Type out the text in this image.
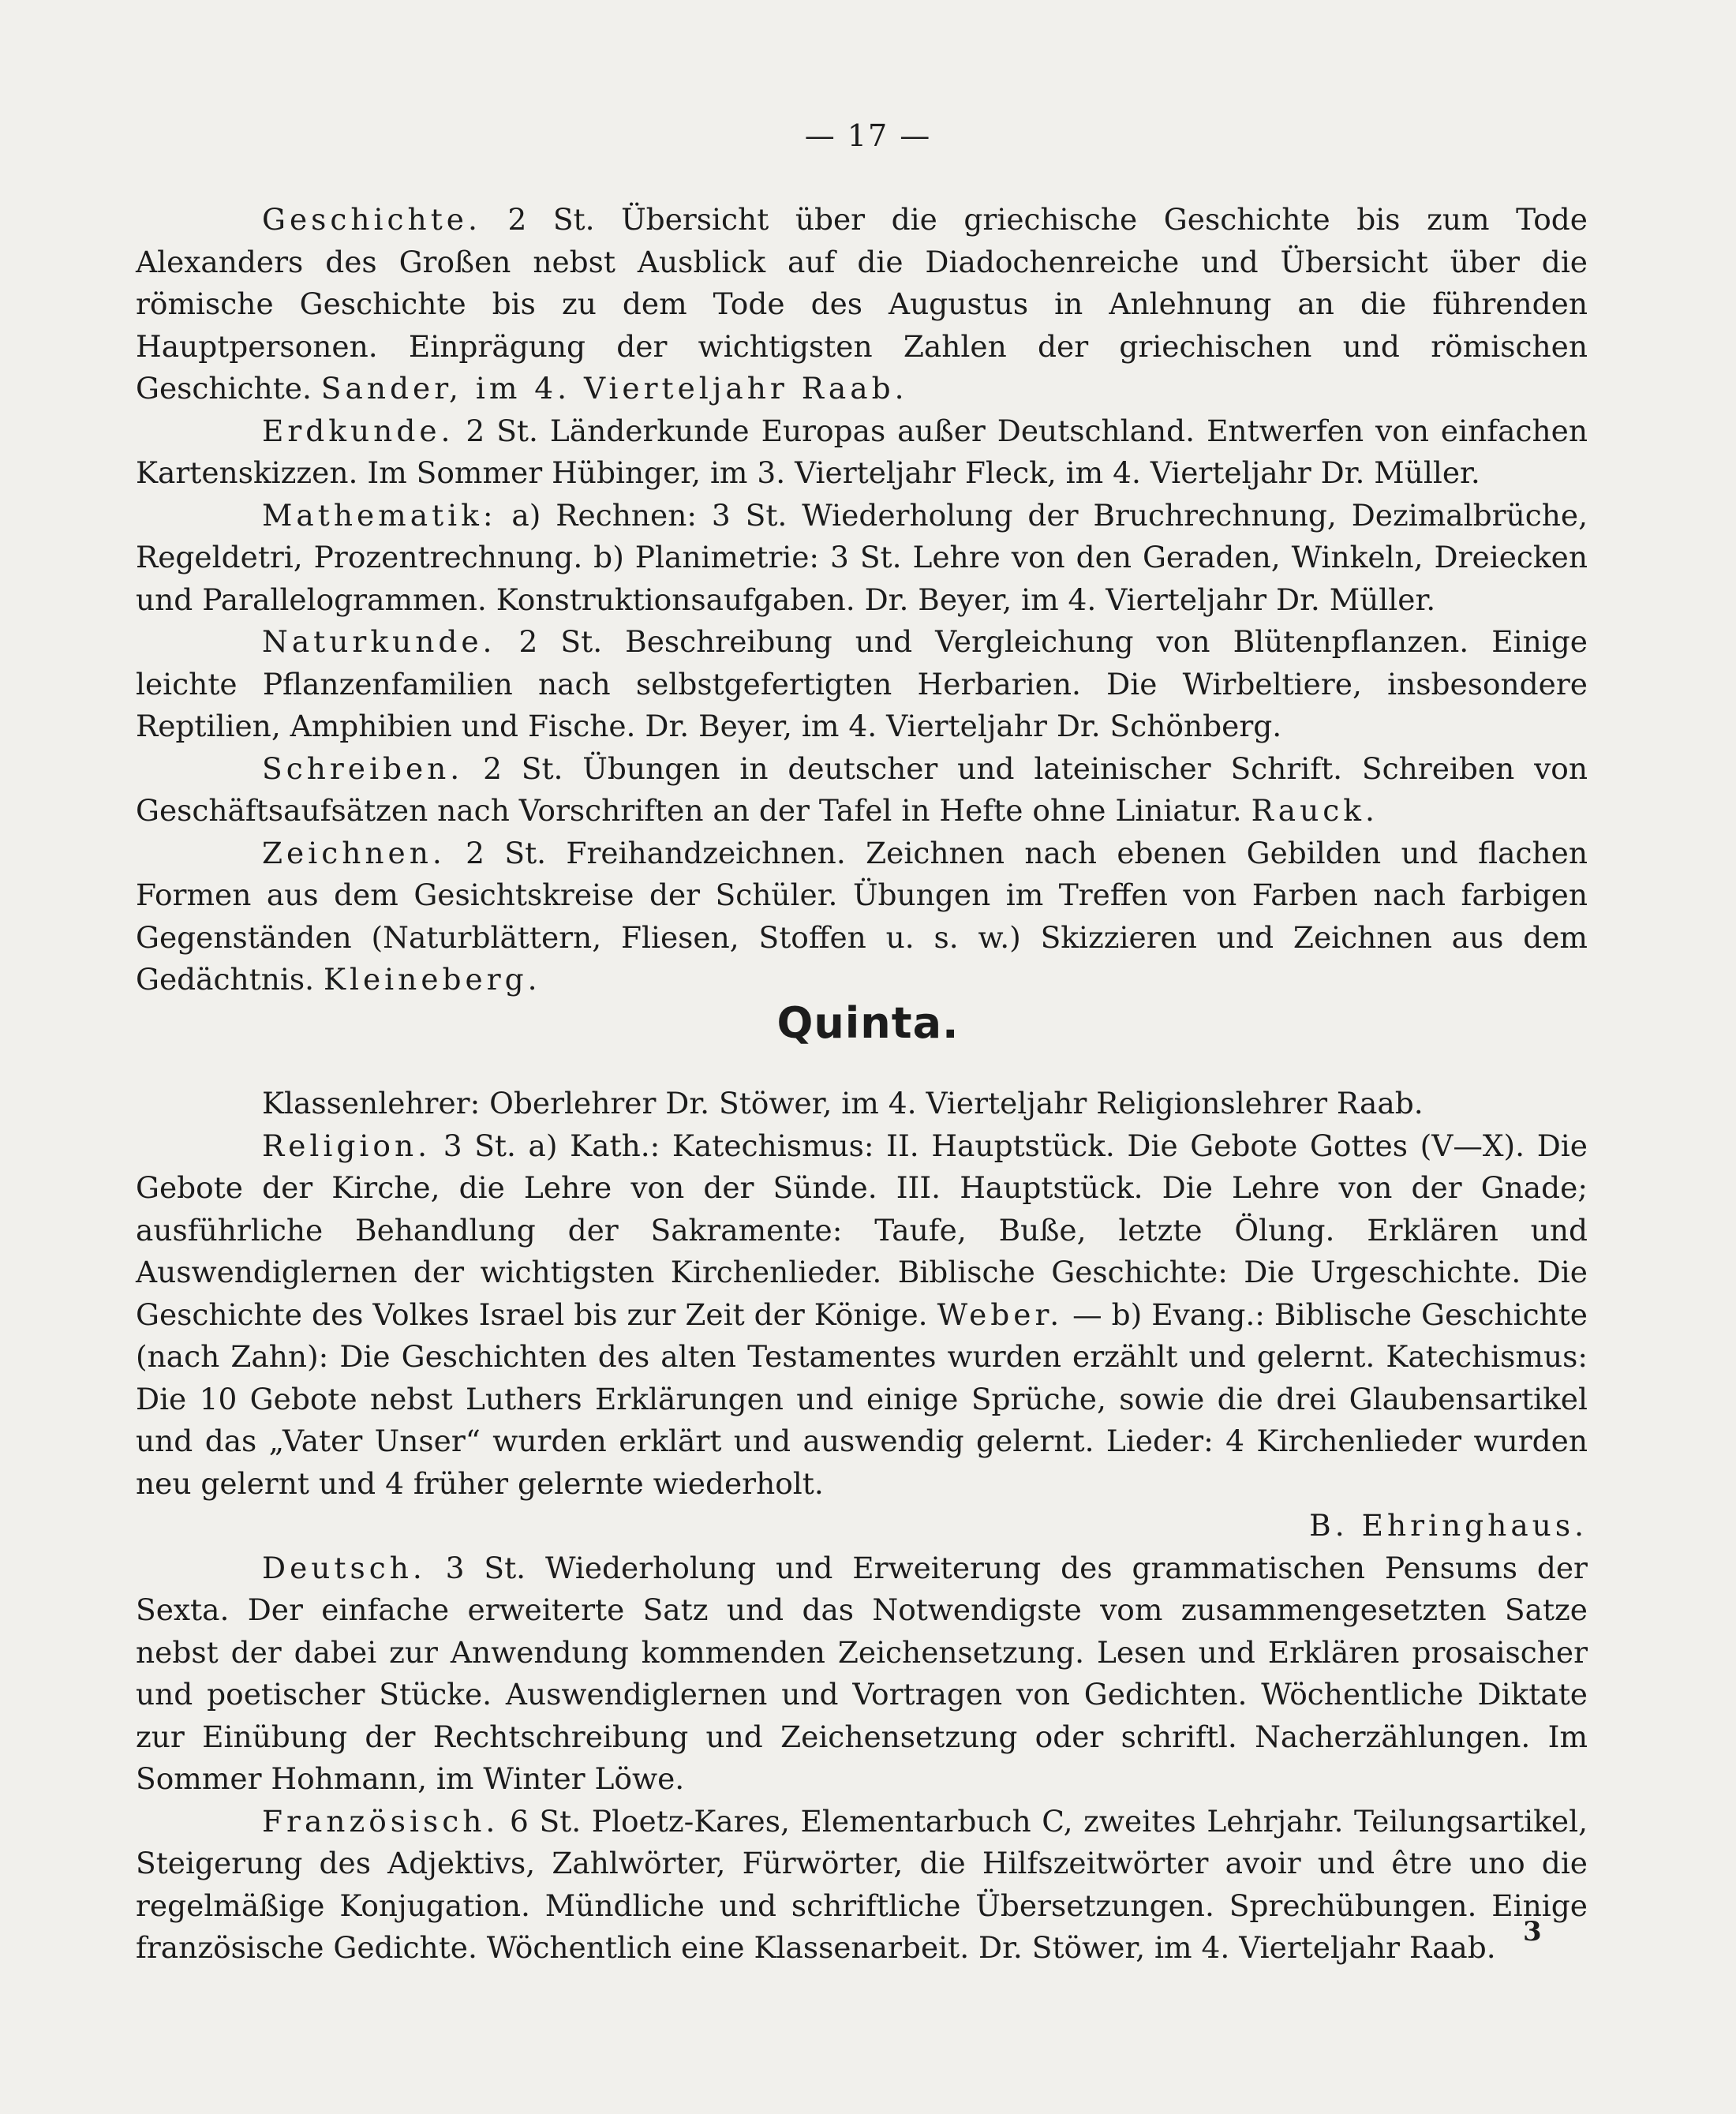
— 17 —

Geschichte. 2 St. Übersicht über die griechische Geschichte bis zum Tode Alexanders des Großen nebst Ausblick auf die Diadochenreiche und Übersicht über die römische Geschichte bis zu dem Tode des Augustus in Anlehnung an die führenden Hauptpersonen. Einprägung der wichtigsten Zahlen der griechischen und römischen Geschichte. Sander, im 4. Vierteljahr Raab.

Erdkunde. 2 St. Länderkunde Europas außer Deutschland. Entwerfen von einfachen Kartenskizzen. Im Sommer Hübinger, im 3. Vierteljahr Fleck, im 4. Vierteljahr Dr. Müller.

Mathematik: a) Rechnen: 3 St. Wiederholung der Bruchrechnung, Dezimalbrüche, Regeldetri, Prozentrechnung. b) Planimetrie: 3 St. Lehre von den Geraden, Winkeln, Dreiecken und Parallelogrammen. Konstruktionsaufgaben. Dr. Beyer, im 4. Vierteljahr Dr. Müller.

Naturkunde. 2 St. Beschreibung und Vergleichung von Blütenpflanzen. Einige leichte Pflanzenfamilien nach selbstgefertigten Herbarien. Die Wirbeltiere, insbesondere Reptilien, Amphibien und Fische. Dr. Beyer, im 4. Vierteljahr Dr. Schönberg.

Schreiben. 2 St. Übungen in deutscher und lateinischer Schrift. Schreiben von Geschäftsaufsätzen nach Vorschriften an der Tafel in Hefte ohne Liniatur. Rauck.

Zeichnen. 2 St. Freihandzeichnen. Zeichnen nach ebenen Gebilden und flachen Formen aus dem Gesichtskreise der Schüler. Übungen im Treffen von Farben nach farbigen Gegenständen (Naturblättern, Fliesen, Stoffen u. s. w.) Skizzieren und Zeichnen aus dem Gedächtnis. Kleineberg.

Quinta.

Klassenlehrer: Oberlehrer Dr. Stöwer, im 4. Vierteljahr Religionslehrer Raab.

Religion. 3 St. a) Kath.: Katechismus: II. Hauptstück. Die Gebote Gottes (V—X). Die Gebote der Kirche, die Lehre von der Sünde. III. Hauptstück. Die Lehre von der Gnade; ausführliche Behandlung der Sakramente: Taufe, Buße, letzte Ölung. Erklären und Auswendiglernen der wichtigsten Kirchenlieder. Biblische Geschichte: Die Urgeschichte. Die Geschichte des Volkes Israel bis zur Zeit der Könige. Weber. — b) Evang.: Biblische Geschichte (nach Zahn): Die Geschichten des alten Testamentes wurden erzählt und gelernt. Katechismus: Die 10 Gebote nebst Luthers Erklärungen und einige Sprüche, sowie die drei Glaubensartikel und das „Vater Unser“ wurden erklärt und auswendig gelernt. Lieder: 4 Kirchenlieder wurden neu gelernt und 4 früher gelernte wiederholt.

B. Ehringhaus.

Deutsch. 3 St. Wiederholung und Erweiterung des grammatischen Pensums der Sexta. Der einfache erweiterte Satz und das Notwendigste vom zusammengesetzten Satze nebst der dabei zur Anwendung kommenden Zeichensetzung. Lesen und Erklären prosaischer und poetischer Stücke. Auswendiglernen und Vortragen von Gedichten. Wöchentliche Diktate zur Einübung der Rechtschreibung und Zeichensetzung oder schriftl. Nacherzählungen. Im Sommer Hohmann, im Winter Löwe.

Französisch. 6 St. Ploetz-Kares, Elementarbuch C, zweites Lehrjahr. Teilungsartikel, Steigerung des Adjektivs, Zahlwörter, Fürwörter, die Hilfszeitwörter avoir und être uno die regelmäßige Konjugation. Mündliche und schriftliche Übersetzungen. Sprechübungen. Einige französische Gedichte. Wöchentlich eine Klassenarbeit. Dr. Stöwer, im 4. Vierteljahr Raab.	3
